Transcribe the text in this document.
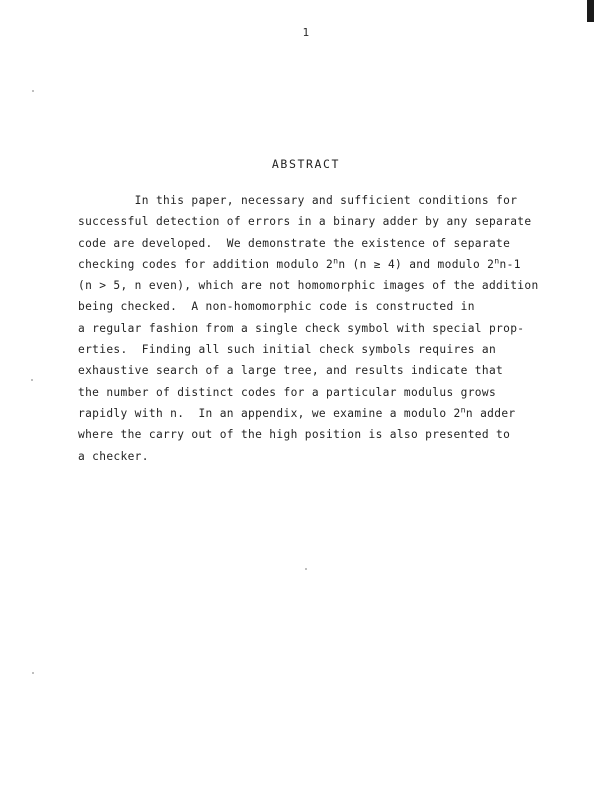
1
ABSTRACT
In this paper, necessary and sufficient conditions for
successful detection of errors in a binary adder by any separate
code are developed.  We demonstrate the existence of separate
checking codes for addition modulo 2$^n$n (n ≥ 4) and modulo 2$^n$n-1
(n > 5, n even), which are not homomorphic images of the addition
being checked.  A non-homomorphic code is constructed in
a regular fashion from a single check symbol with special prop-
erties.  Finding all such initial check symbols requires an
exhaustive search of a large tree, and results indicate that
the number of distinct codes for a particular modulus grows
rapidly with n.  In an appendix, we examine a modulo 2$^n$n adder
where the carry out of the high position is also presented to
a checker.
